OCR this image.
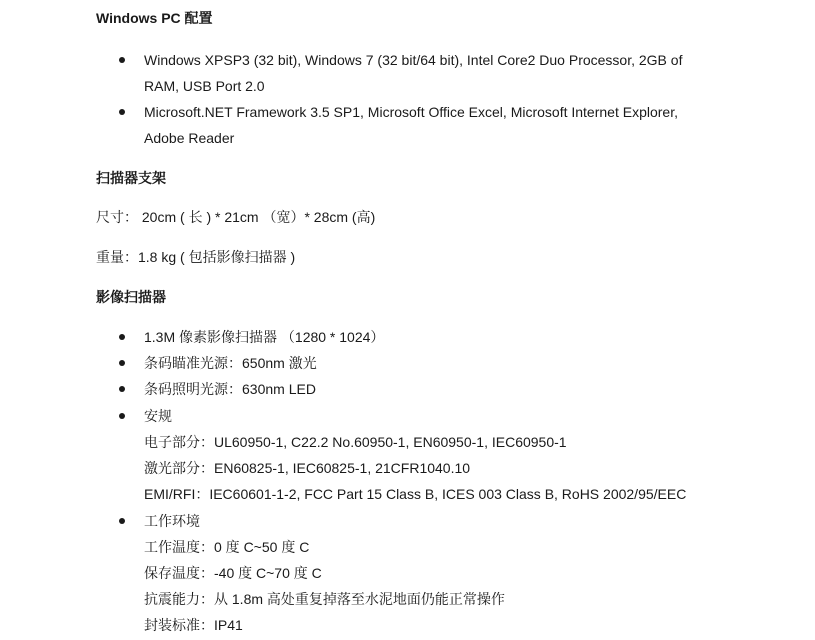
Windows PC 配置
Windows XPSP3 (32 bit), Windows 7 (32 bit/64 bit), Intel Core2 Duo Processor, 2GB of
RAM, USB Port 2.0
Microsoft.NET Framework 3.5 SP1, Microsoft Office Excel, Microsoft Internet Explorer,
Adobe Reader
扫描器支架
尺寸： 20cm ( 长 ) * 21cm （宽）* 28cm (高)
重量：1.8 kg ( 包括影像扫描器 )
影像扫描器
1.3M 像素影像扫描器 （1280 * 1024）
条码瞄准光源：650nm 激光
条码照明光源：630nm LED
安规
电子部分：UL60950-1, C22.2 No.60950-1, EN60950-1, IEC60950-1
激光部分：EN60825-1, IEC60825-1, 21CFR1040.10
EMI/RFI：IEC60601-1-2, FCC Part 15 Class B, ICES 003 Class B, RoHS 2002/95/EEC
工作环境
工作温度：0 度 C~50 度 C
保存温度：-40 度 C~70 度 C
抗震能力：从 1.8m 高处重复掉落至水泥地面仍能正常操作
封装标准：IP41
